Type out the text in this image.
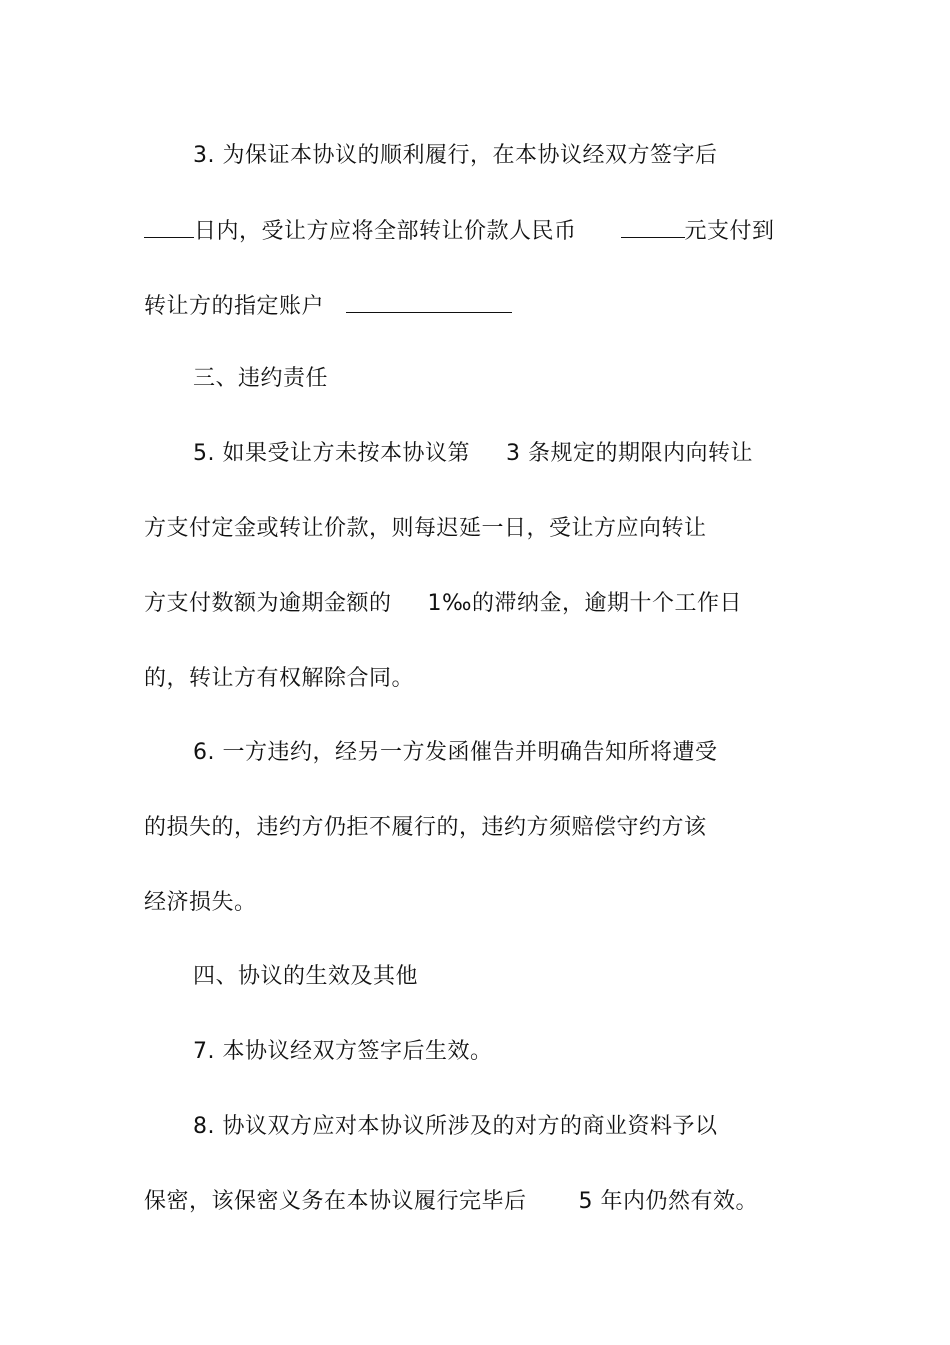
3. 为保证本协议的顺利履行，在本协议经双方签字后
日内，受让方应将全部转让价款人民币	元支付到
转让方的指定账户
三、违约责任
5. 如果受让方未按本协议第 3 条规定的期限内向转让
方支付定金或转让价款，则每迟延一日，受让方应向转让
方支付数额为逾期金额的 1‰的滞纳金，逾期十个工作日
的，转让方有权解除合同。
6. 一方违约，经另一方发函催告并明确告知所将遭受
的损失的，违约方仍拒不履行的，违约方须赔偿守约方该
经济损失。
四、协议的生效及其他
7. 本协议经双方签字后生效。
8. 协议双方应对本协议所涉及的对方的商业资料予以
保密，该保密义务在本协议履行完毕后 5 年内仍然有效。
